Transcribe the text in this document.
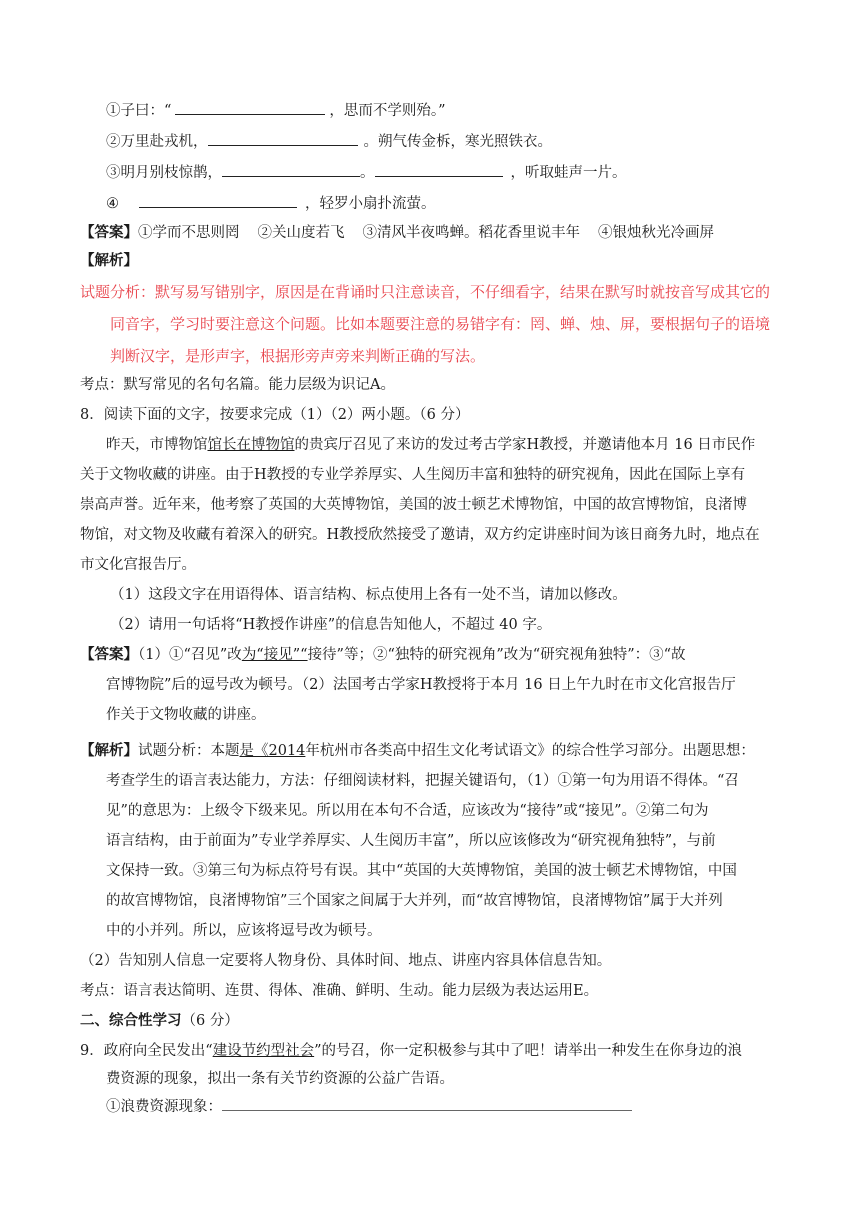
①子曰：“	，思而不学则殆。”
②万里赴戎机，	。朔气传金柝，寒光照铁衣。
③明月别枝惊鹊，	。	，听取蛙声一片。
④	，轻罗小扇扑流萤。
【答案】①学而不思则罔 ②关山度若飞 ③清风半夜鸣蝉。稻花香里说丰年 ④银烛秋光冷画屏
【解析】
试题分析：默写易写错别字，原因是在背诵时只注意读音，不仔细看字，结果在默写时就按音写成其它的
同音字，学习时要注意这个问题。比如本题要注意的易错字有：罔、蝉、烛、屏，要根据句子的语境
判断汉字，是形声字，根据形旁声旁来判断正确的写法。
考点：默写常见的名句名篇。能力层级为识记A。
8．阅读下面的文字，按要求完成（1）（2）两小题。（6 分）
昨天，市博物馆馆长在博物馆的贵宾厅召见了来访的发过考古学家H教授，并邀请他本月 16 日市民作
关于文物收藏的讲座。由于H教授的专业学养厚实、人生阅历丰富和独特的研究视角，因此在国际上享有
崇高声誉。近年来，他考察了英国的大英博物馆，美国的波士顿艺术博物馆，中国的故宫博物馆，良渚博
物馆，对文物及收藏有着深入的研究。H教授欣然接受了邀请，双方约定讲座时间为该日商务九时，地点在
市文化宫报告厅。
（1）这段文字在用语得体、语言结构、标点使用上各有一处不当，请加以修改。
（2）请用一句话将“H教授作讲座”的信息告知他人，不超过 40 字。
【答案】（1）①“召见”改为“接见”“接待”等；②“独特的研究视角”改为“研究视角独特”：③“故
宫博物院”后的逗号改为顿号。（2）法国考古学家H教授将于本月 16 日上午九时在市文化宫报告厅
作关于文物收藏的讲座。
【解析】试题分析：本题是《2014年杭州市各类高中招生文化考试语文》的综合性学习部分。出题思想：
考查学生的语言表达能力，方法：仔细阅读材料，把握关键语句，（1）①第一句为用语不得体。“召
见”的意思为：上级令下级来见。所以用在本句不合适，应该改为“接待”或“接见”。②第二句为
语言结构，由于前面为”专业学养厚实、人生阅历丰富”，所以应该修改为“研究视角独特”，与前
文保持一致。③第三句为标点符号有误。其中“英国的大英博物馆，美国的波士顿艺术博物馆，中国
的故宫博物馆，良渚博物馆”三个国家之间属于大并列，而“故宫博物馆，良渚博物馆”属于大并列
中的小并列。所以，应该将逗号改为顿号。
（2）告知别人信息一定要将人物身份、具体时间、地点、讲座内容具体信息告知。
考点：语言表达简明、连贯、得体、准确、鲜明、生动。能力层级为表达运用E。
二、综合性学习（6 分）
9．政府向全民发出“建设节约型社会”的号召，你一定积极参与其中了吧！请举出一种发生在你身边的浪
费资源的现象，拟出一条有关节约资源的公益广告语。
①浪费资源现象：
